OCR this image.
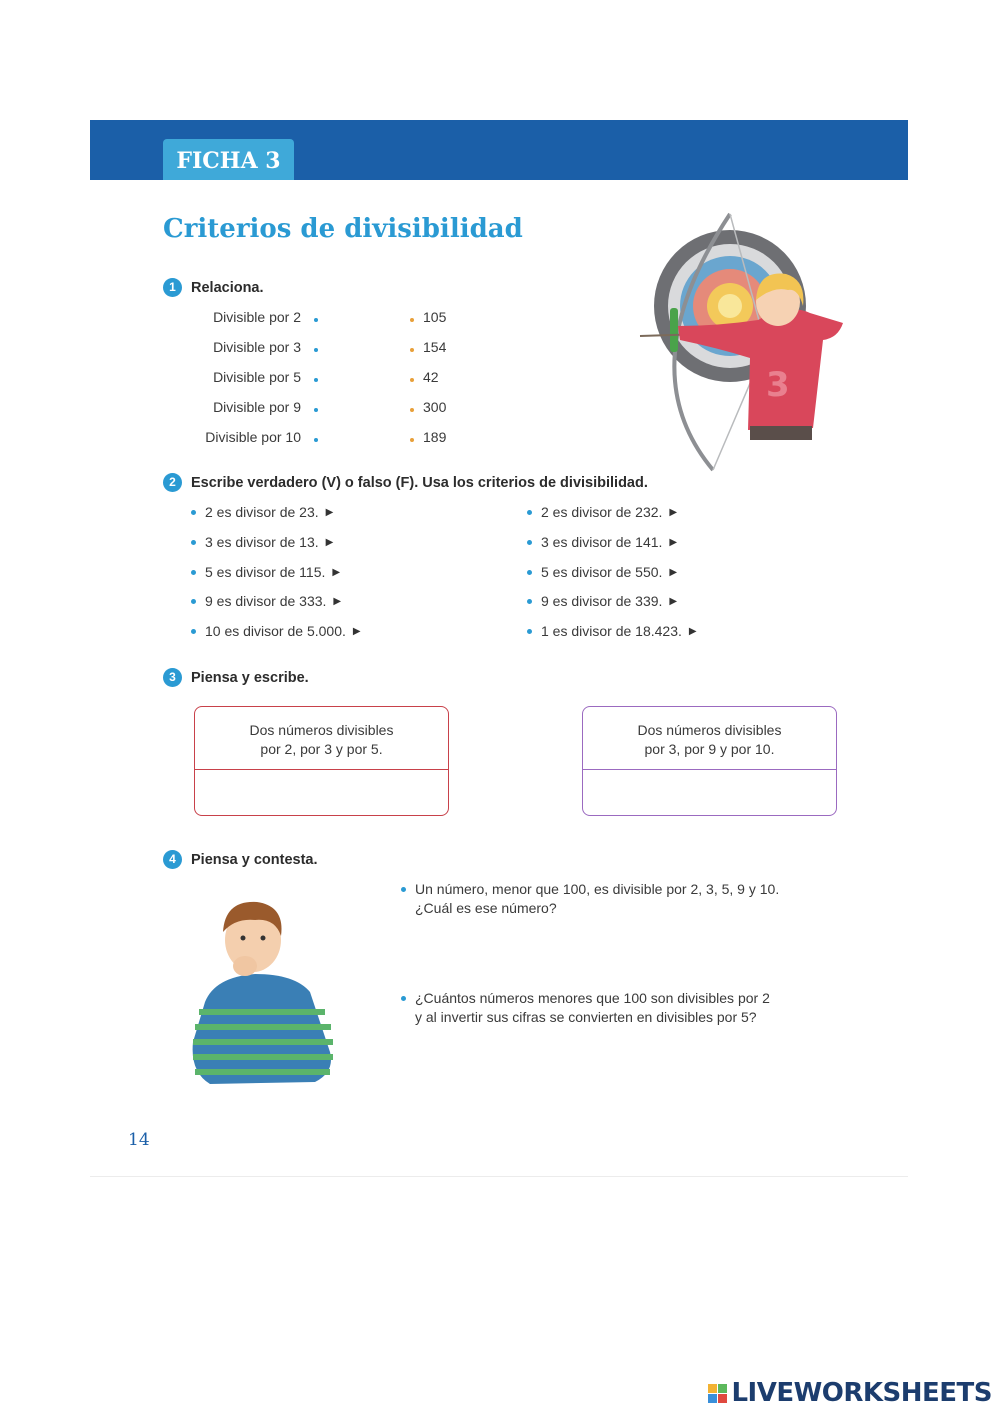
FICHA 3
Criterios de divisibilidad
1	Relaciona.
Divisible por 2
Divisible por 3
Divisible por 5
Divisible por 9
Divisible por 10
105
154
42
300
189
3
2	Escribe verdadero (V) o falso (F). Usa los criterios de divisibilidad.
2 es divisor de 23. ▶
3 es divisor de 13. ▶
5 es divisor de 115. ▶
9 es divisor de 333. ▶
10 es divisor de 5.000. ▶
2 es divisor de 232. ▶
3 es divisor de 141. ▶
5 es divisor de 550. ▶
9 es divisor de 339. ▶
1 es divisor de 18.423. ▶
3	Piensa y escribe.
Dos números divisibles
por 2, por 3 y por 5.
Dos números divisibles
por 3, por 9 y por 10.
4	Piensa y contesta.
Un número, menor que 100, es divisible por 2, 3, 5, 9 y 10.
¿Cuál es ese número?
¿Cuántos números menores que 100 son divisibles por 2
y al invertir sus cifras se convierten en divisibles por 5?
14
LIVEWORKSHEETS
